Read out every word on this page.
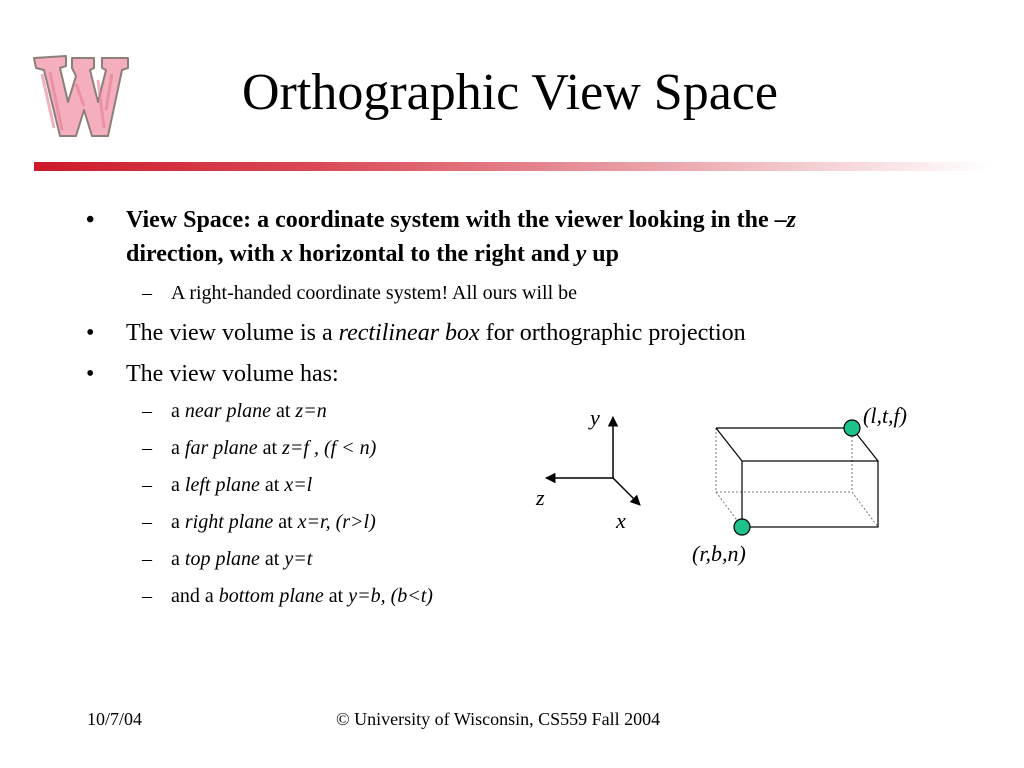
Orthographic View Space
• View Space: a coordinate system with the viewer looking in the –z
direction, with x horizontal to the right and y up
– A right-handed coordinate system! All ours will be
• The view volume is a rectilinear box for orthographic projection
• The view volume has:
– a near plane at z=n
– a far plane at z=f , (f < n)
– a left plane at x=l
– a right plane at x=r, (r>l)
– a top plane at y=t
– and a bottom plane at y=b, (b<t)
y
z
x
(l,t,f)
(r,b,n)
10/7/04	© University of Wisconsin, CS559 Fall 2004
